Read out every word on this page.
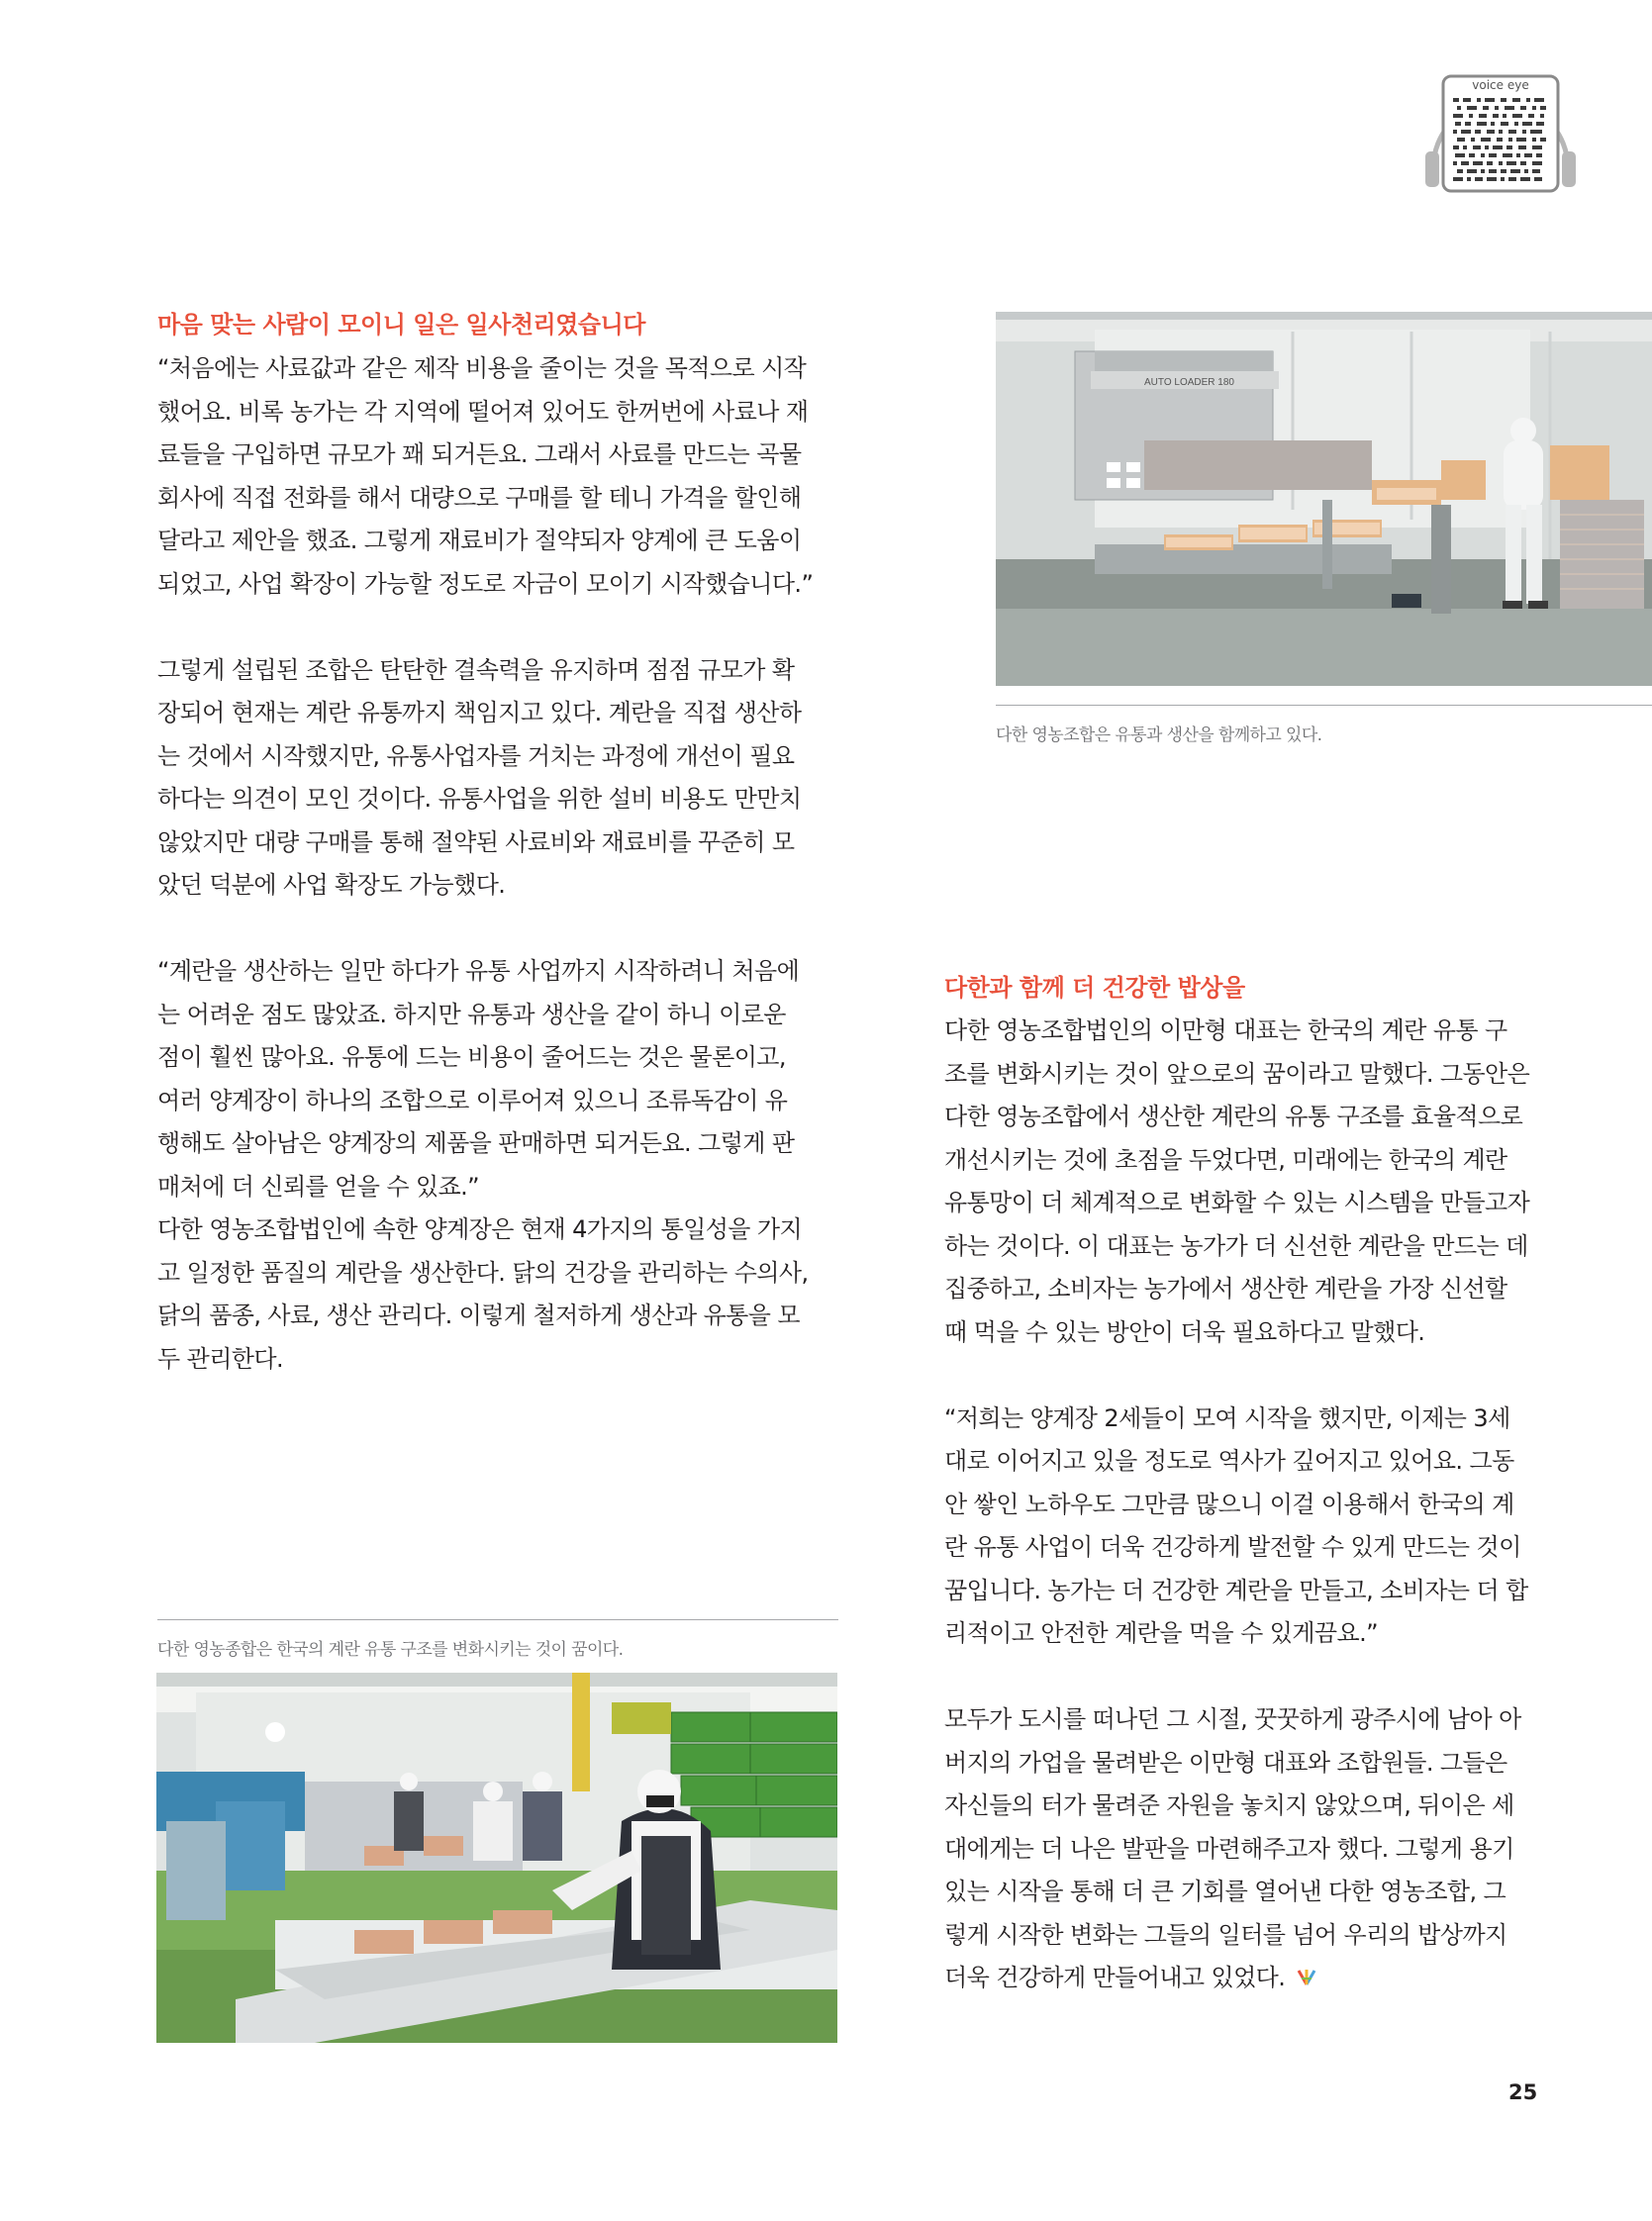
voice eye
마음 맞는 사람이 모이니 일은 일사천리였습니다

“처음에는 사료값과 같은 제작 비용을 줄이는 것을 목적으로 시작

했어요. 비록 농가는 각 지역에 떨어져 있어도 한꺼번에 사료나 재

료들을 구입하면 규모가 꽤 되거든요. 그래서 사료를 만드는 곡물

회사에 직접 전화를 해서 대량으로 구매를 할 테니 가격을 할인해

달라고 제안을 했죠. 그렇게 재료비가 절약되자 양계에 큰 도움이

되었고, 사업 확장이 가능할 정도로 자금이 모이기 시작했습니다.”

그렇게 설립된 조합은 탄탄한 결속력을 유지하며 점점 규모가 확

장되어 현재는 계란 유통까지 책임지고 있다. 계란을 직접 생산하

는 것에서 시작했지만, 유통사업자를 거치는 과정에 개선이 필요

하다는 의견이 모인 것이다. 유통사업을 위한 설비 비용도 만만치

않았지만 대량 구매를 통해 절약된 사료비와 재료비를 꾸준히 모

았던 덕분에 사업 확장도 가능했다.

“계란을 생산하는 일만 하다가 유통 사업까지 시작하려니 처음에

는 어려운 점도 많았죠. 하지만 유통과 생산을 같이 하니 이로운

점이 훨씬 많아요. 유통에 드는 비용이 줄어드는 것은 물론이고,

여러 양계장이 하나의 조합으로 이루어져 있으니 조류독감이 유

행해도 살아남은 양계장의 제품을 판매하면 되거든요. 그렇게 판

매처에 더 신뢰를 얻을 수 있죠.”

다한 영농조합법인에 속한 양계장은 현재 4가지의 통일성을 가지

고 일정한 품질의 계란을 생산한다. 닭의 건강을 관리하는 수의사,

닭의 품종, 사료, 생산 관리다. 이렇게 철저하게 생산과 유통을 모

두 관리한다.

AUTO LOADER 180
다한 영농조합은 유통과 생산을 함께하고 있다.
다한과 함께 더 건강한 밥상을

다한 영농조합법인의 이만형 대표는 한국의 계란 유통 구

조를 변화시키는 것이 앞으로의 꿈이라고 말했다. 그동안은

다한 영농조합에서 생산한 계란의 유통 구조를 효율적으로

개선시키는 것에 초점을 두었다면, 미래에는 한국의 계란

유통망이 더 체계적으로 변화할 수 있는 시스템을 만들고자

하는 것이다. 이 대표는 농가가 더 신선한 계란을 만드는 데

집중하고, 소비자는 농가에서 생산한 계란을 가장 신선할

때 먹을 수 있는 방안이 더욱 필요하다고 말했다.

“저희는 양계장 2세들이 모여 시작을 했지만, 이제는 3세

대로 이어지고 있을 정도로 역사가 깊어지고 있어요. 그동

안 쌓인 노하우도 그만큼 많으니 이걸 이용해서 한국의 계

란 유통 사업이 더욱 건강하게 발전할 수 있게 만드는 것이

꿈입니다. 농가는 더 건강한 계란을 만들고, 소비자는 더 합

리적이고 안전한 계란을 먹을 수 있게끔요.”

모두가 도시를 떠나던 그 시절, 꿋꿋하게 광주시에 남아 아

버지의 가업을 물려받은 이만형 대표와 조합원들. 그들은

자신들의 터가 물려준 자원을 놓치지 않았으며, 뒤이은 세

대에게는 더 나은 발판을 마련해주고자 했다. 그렇게 용기

있는 시작을 통해 더 큰 기회를 열어낸 다한 영농조합, 그

렇게 시작한 변화는 그들의 일터를 넘어 우리의 밥상까지

더욱 건강하게 만들어내고 있었다.

다한 영농종합은 한국의 계란 유통 구조를 변화시키는 것이 꿈이다.
25
